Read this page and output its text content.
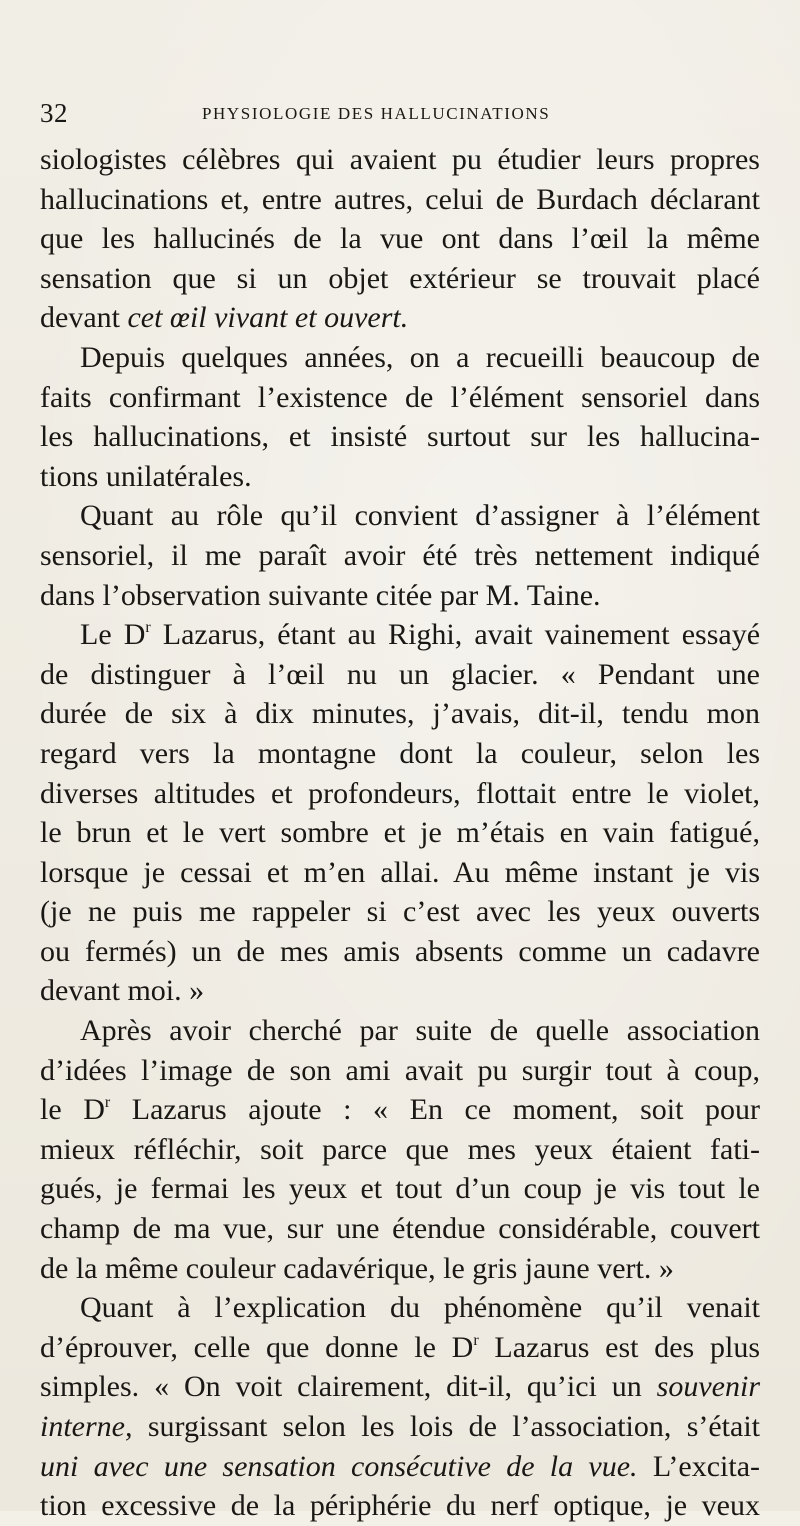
32	PHYSIOLOGIE DES HALLUCINATIONS
siologistes célèbres qui avaient pu étudier leurs propres
hallucinations et, entre autres, celui de Burdach déclarant
que les hallucinés de la vue ont dans l’œil la même
sensation que si un objet extérieur se trouvait placé
devant cet œil vivant et ouvert.
Depuis quelques années, on a recueilli beaucoup de
faits confirmant l’existence de l’élément sensoriel dans
les hallucinations, et insisté surtout sur les hallucina-
tions unilatérales.
Quant au rôle qu’il convient d’assigner à l’élément
sensoriel, il me paraît avoir été très nettement indiqué
dans l’observation suivante citée par M. Taine.
Le $D^r$ Lazarus, étant au Righi, avait vainement essayé
de distinguer à l’œil nu un glacier. « Pendant une
durée de six à dix minutes, j’avais, dit-il, tendu mon
regard vers la montagne dont la couleur, selon les
diverses altitudes et profondeurs, flottait entre le violet,
le brun et le vert sombre et je m’étais en vain fatigué,
lorsque je cessai et m’en allai. Au même instant je vis
(je ne puis me rappeler si c’est avec les yeux ouverts
ou fermés) un de mes amis absents comme un cadavre
devant moi. »
Après avoir cherché par suite de quelle association
d’idées l’image de son ami avait pu surgir tout à coup,
le $D^r$ Lazarus ajoute : « En ce moment, soit pour
mieux réfléchir, soit parce que mes yeux étaient fati-
gués, je fermai les yeux et tout d’un coup je vis tout le
champ de ma vue, sur une étendue considérable, couvert
de la même couleur cadavérique, le gris jaune vert. »
Quant à l’explication du phénomène qu’il venait
d’éprouver, celle que donne le $D^r$ Lazarus est des plus
simples. « On voit clairement, dit-il, qu’ici un souvenir
interne, surgissant selon les lois de l’association, s’était
uni avec une sensation consécutive de la vue. L’excita-
tion excessive de la périphérie du nerf optique, je veux
